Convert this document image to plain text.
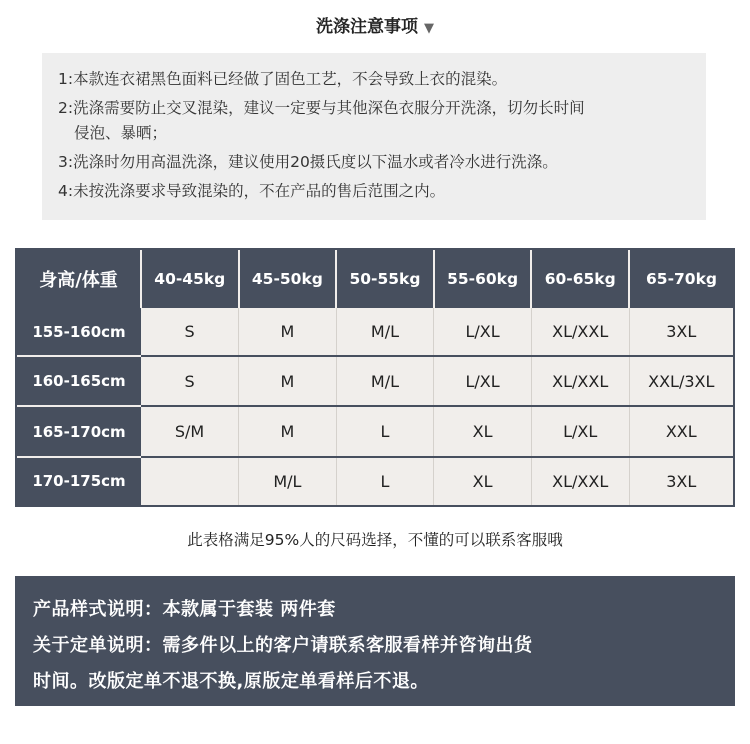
洗涤注意事项 ▼
1:本款连衣裙黑色面料已经做了固色工艺，不会导致上衣的混染。
2:洗涤需要防止交叉混染，建议一定要与其他深色衣服分开洗涤，切勿长时间
侵泡、暴晒；
3:洗涤时勿用高温洗涤，建议使用20摄氏度以下温水或者冷水进行洗涤。
4:未按洗涤要求导致混染的，不在产品的售后范围之内。
身高/体重	40-45kg	45-50kg	50-55kg	55-60kg	60-65kg	65-70kg
155-160cm	S	M	M/L	L/XL	XL/XXL	3XL
160-165cm	S	M	M/L	L/XL	XL/XXL	XXL/3XL
165-170cm	S/M	M	L	XL	L/XL	XXL
170-175cm		M/L	L	XL	XL/XXL	3XL
此表格满足95%人的尺码选择，不懂的可以联系客服哦
产品样式说明：本款属于套装 两件套
关于定单说明：需多件以上的客户请联系客服看样并咨询出货
时间。改版定单不退不换,原版定单看样后不退。
